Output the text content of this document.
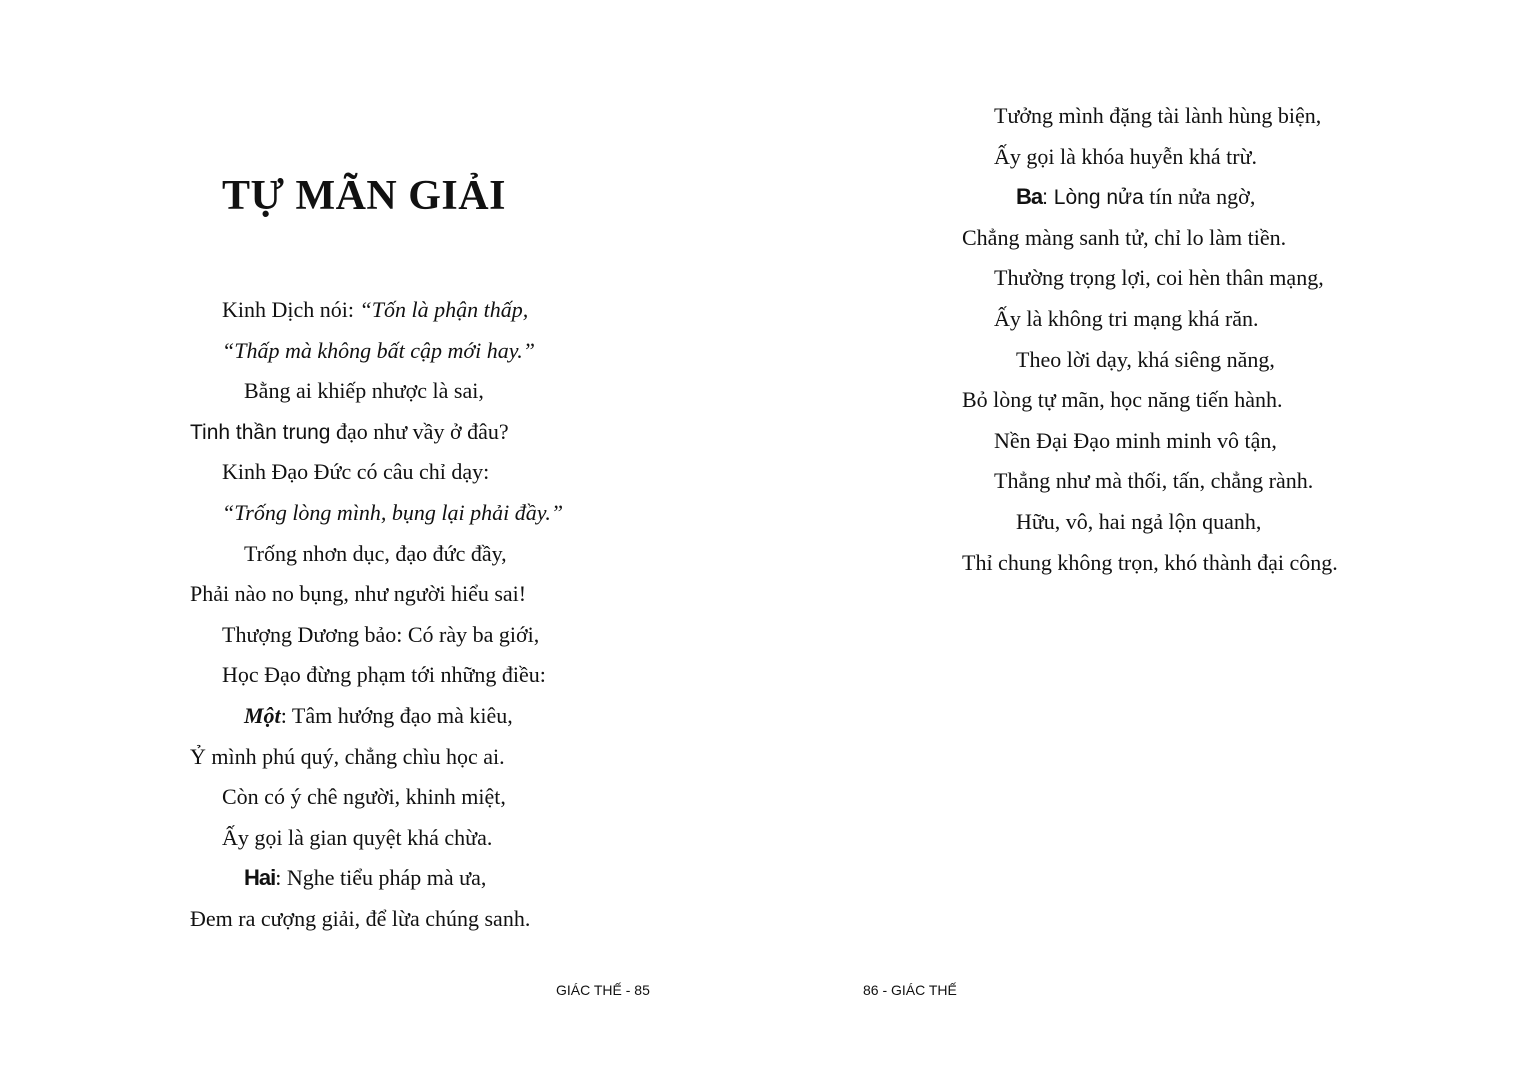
TỰ MÃN GIẢI
Kinh Dịch nói: “Tốn là phận thấp,
“Thấp mà không bất cập mới hay.”
Bằng ai khiếp nhược là sai,
Tinh thần trung đạo như vầy ở đâu?
Kinh Đạo Đức có câu chỉ dạy:
“Trống lòng mình, bụng lại phải đầy.”
Trống nhơn dục, đạo đức đầy,
Phải nào no bụng, như người hiểu sai!
Thượng Dương bảo: Có rày ba giới,
Học Đạo đừng phạm tới những điều:
Một: Tâm hướng đạo mà kiêu,
Ỷ mình phú quý, chẳng chìu học ai.
Còn có ý chê người, khinh miệt,
Ấy gọi là gian quyệt khá chừa.
Hai: Nghe tiểu pháp mà ưa,
Đem ra cượng giải, để lừa chúng sanh.
GIÁC THẾ - 85
Tưởng mình đặng tài lành hùng biện,
Ấy gọi là khóa huyễn khá trừ.
Ba: Lòng nửa tín nửa ngờ,
Chẳng màng sanh tử, chỉ lo làm tiền.
Thường trọng lợi, coi hèn thân mạng,
Ấy là không tri mạng khá răn.
Theo lời dạy, khá siêng năng,
Bỏ lòng tự mãn, học năng tiến hành.
Nền Đại Đạo minh minh vô tận,
Thẳng như mà thối, tấn, chẳng rành.
Hữu, vô, hai ngả lộn quanh,
Thỉ chung không trọn, khó thành đại công.
86 - GIÁC THẾ
